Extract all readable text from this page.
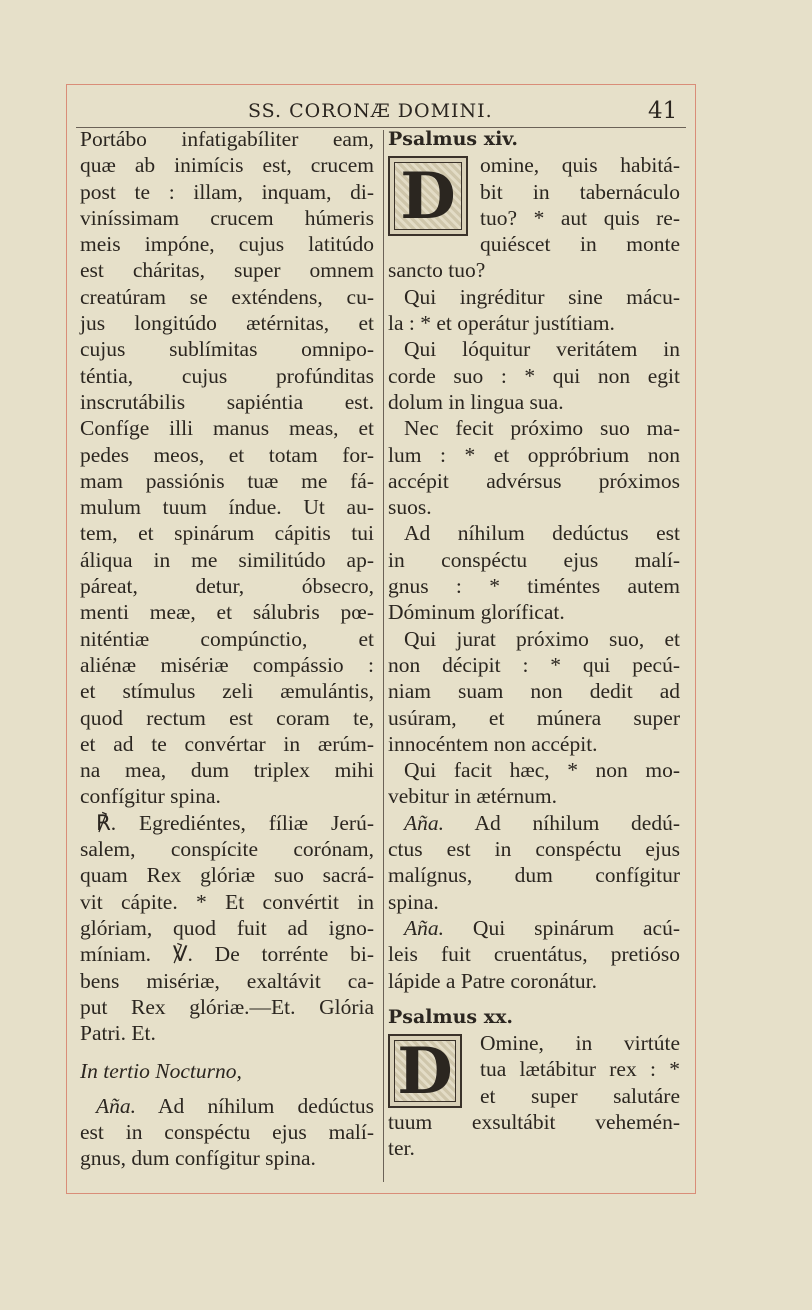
SS. CORONÆ DOMINI.	41
Portábo infatigabíliter eam,
quæ ab inimícis est, crucem
post te : illam, inquam, di-
viníssimam crucem húmeris
meis impóne, cujus latitúdo
est cháritas, super omnem
creatúram se exténdens, cu-
jus longitúdo ætérnitas, et
cujus sublímitas omnipo-
téntia, cujus profúnditas
inscrutábilis sapiéntia est.
Confíge illi manus meas, et
pedes meos, et totam for-
mam passiónis tuæ me fá-
mulum tuum índue. Ut au-
tem, et spinárum cápitis tui
áliqua in me similitúdo ap-
páreat, detur, óbsecro,
menti meæ, et sálubris pœ-
niténtiæ compúnctio, et
aliénæ misériæ compássio :
et stímulus zeli æmulántis,
quod rectum est coram te,
et ad te convértar in ærúm-
na mea, dum triplex mihi
confígitur spina.
℟. Egrediéntes, fíliæ Jerú-
salem, conspícite corónam,
quam Rex glóriæ suo sacrá-
vit cápite. * Et convértit in
glóriam, quod fuit ad igno-
míniam. ℣. De torrénte bi-
bens misériæ, exaltávit ca-
put Rex glóriæ.—Et. Glória
Patri. Et.
In tertio Nocturno,
Aña. Ad níhilum dedúctus
est in conspéctu ejus malí-
gnus, dum confígitur spina.
Psalmus xiv.
D	omine, quis habitá-
bit in tabernáculo
tuo? * aut quis re-
quiéscet in monte
sancto tuo?
Qui ingréditur sine mácu-
la : * et operátur justítiam.
Qui lóquitur veritátem in
corde suo : * qui non egit
dolum in lingua sua.
Nec fecit próximo suo ma-
lum : * et oppróbrium non
accépit advérsus próximos
suos.
Ad níhilum dedúctus est
in conspéctu ejus malí-
gnus : * timéntes autem
Dóminum gloríficat.
Qui jurat próximo suo, et
non décipit : * qui pecú-
niam suam non dedit ad
usúram, et múnera super
innocéntem non accépit.
Qui facit hæc, * non mo-
vebitur in ætérnum.
Aña. Ad níhilum dedú-
ctus est in conspéctu ejus
malígnus, dum confígitur
spina.
Aña. Qui spinárum acú-
leis fuit cruentátus, pretióso
lápide a Patre coronátur.
Psalmus xx.
D	Omine, in virtúte
tua lætábitur rex : *
et super salutáre
tuum exsultábit vehemén-
ter.
